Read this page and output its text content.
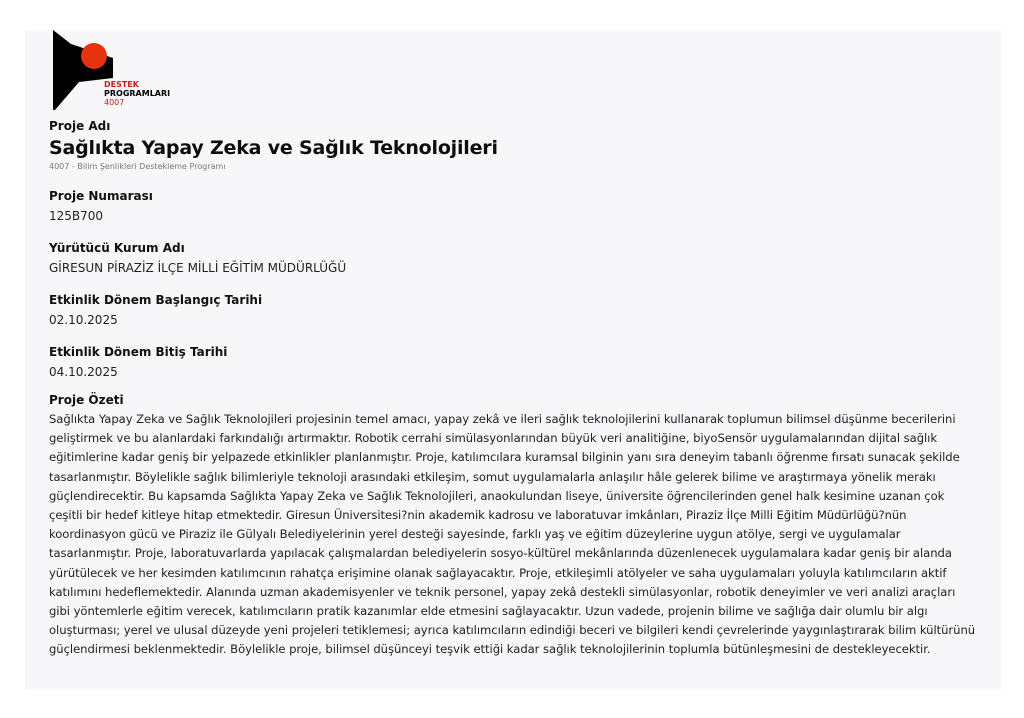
DESTEK
PROGRAMLARI
4007

Proje Adı

Sağlıkta Yapay Zeka ve Sağlık Teknolojileri

4007 - Bilim Şenlikleri Destekleme Programı

Proje Numarası

125B700

Yürütücü Kurum Adı

GİRESUN PİRAZİZ İLÇE MİLLİ EĞİTİM MÜDÜRLÜĞÜ

Etkinlik Dönem Başlangıç Tarihi

02.10.2025

Etkinlik Dönem Bitiş Tarihi

04.10.2025

Proje Özeti

Sağlıkta Yapay Zeka ve Sağlık Teknolojileri projesinin temel amacı, yapay zekâ ve ileri sağlık teknolojilerini kullanarak toplumun bilimsel düşünme becerilerini geliştirmek ve bu alanlardaki farkındalığı artırmaktır. Robotik cerrahi simülasyonlarından büyük veri analitiğine, biyoSensör uygulamalarından dijital sağlık eğitimlerine kadar geniş bir yelpazede etkinlikler planlanmıştır. Proje, katılımcılara kuramsal bilginin yanı sıra deneyim tabanlı öğrenme fırsatı sunacak şekilde tasarlanmıştır. Böylelikle sağlık bilimleriyle teknoloji arasındaki etkileşim, somut uygulamalarla anlaşılır hâle gelerek bilime ve araştırmaya yönelik merakı güçlendirecektir. Bu kapsamda Sağlıkta Yapay Zeka ve Sağlık Teknolojileri, anaokulundan liseye, üniversite öğrencilerinden genel halk kesimine uzanan çok çeşitli bir hedef kitleye hitap etmektedir. Giresun Üniversitesi?nin akademik kadrosu ve laboratuvar imkânları, Piraziz İlçe Milli Eğitim Müdürlüğü?nün koordinasyon gücü ve Piraziz ile Gülyalı Belediyelerinin yerel desteği sayesinde, farklı yaş ve eğitim düzeylerine uygun atölye, sergi ve uygulamalar tasarlanmıştır. Proje, laboratuvarlarda yapılacak çalışmalardan belediyelerin sosyo-kültürel mekânlarında düzenlenecek uygulamalara kadar geniş bir alanda yürütülecek ve her kesimden katılımcının rahatça erişimine olanak sağlayacaktır. Proje, etkileşimli atölyeler ve saha uygulamaları yoluyla katılımcıların aktif katılımını hedeflemektedir. Alanında uzman akademisyenler ve teknik personel, yapay zekâ destekli simülasyonlar, robotik deneyimler ve veri analizi araçları gibi yöntemlerle eğitim verecek, katılımcıların pratik kazanımlar elde etmesini sağlayacaktır. Uzun vadede, projenin bilime ve sağlığa dair olumlu bir algı oluşturması; yerel ve ulusal düzeyde yeni projeleri tetiklemesi; ayrıca katılımcıların edindiği beceri ve bilgileri kendi çevrelerinde yaygınlaştırarak bilim kültürünü güçlendirmesi beklenmektedir. Böylelikle proje, bilimsel düşünceyi teşvik ettiği kadar sağlık teknolojilerinin toplumla bütünleşmesini de destekleyecektir.
